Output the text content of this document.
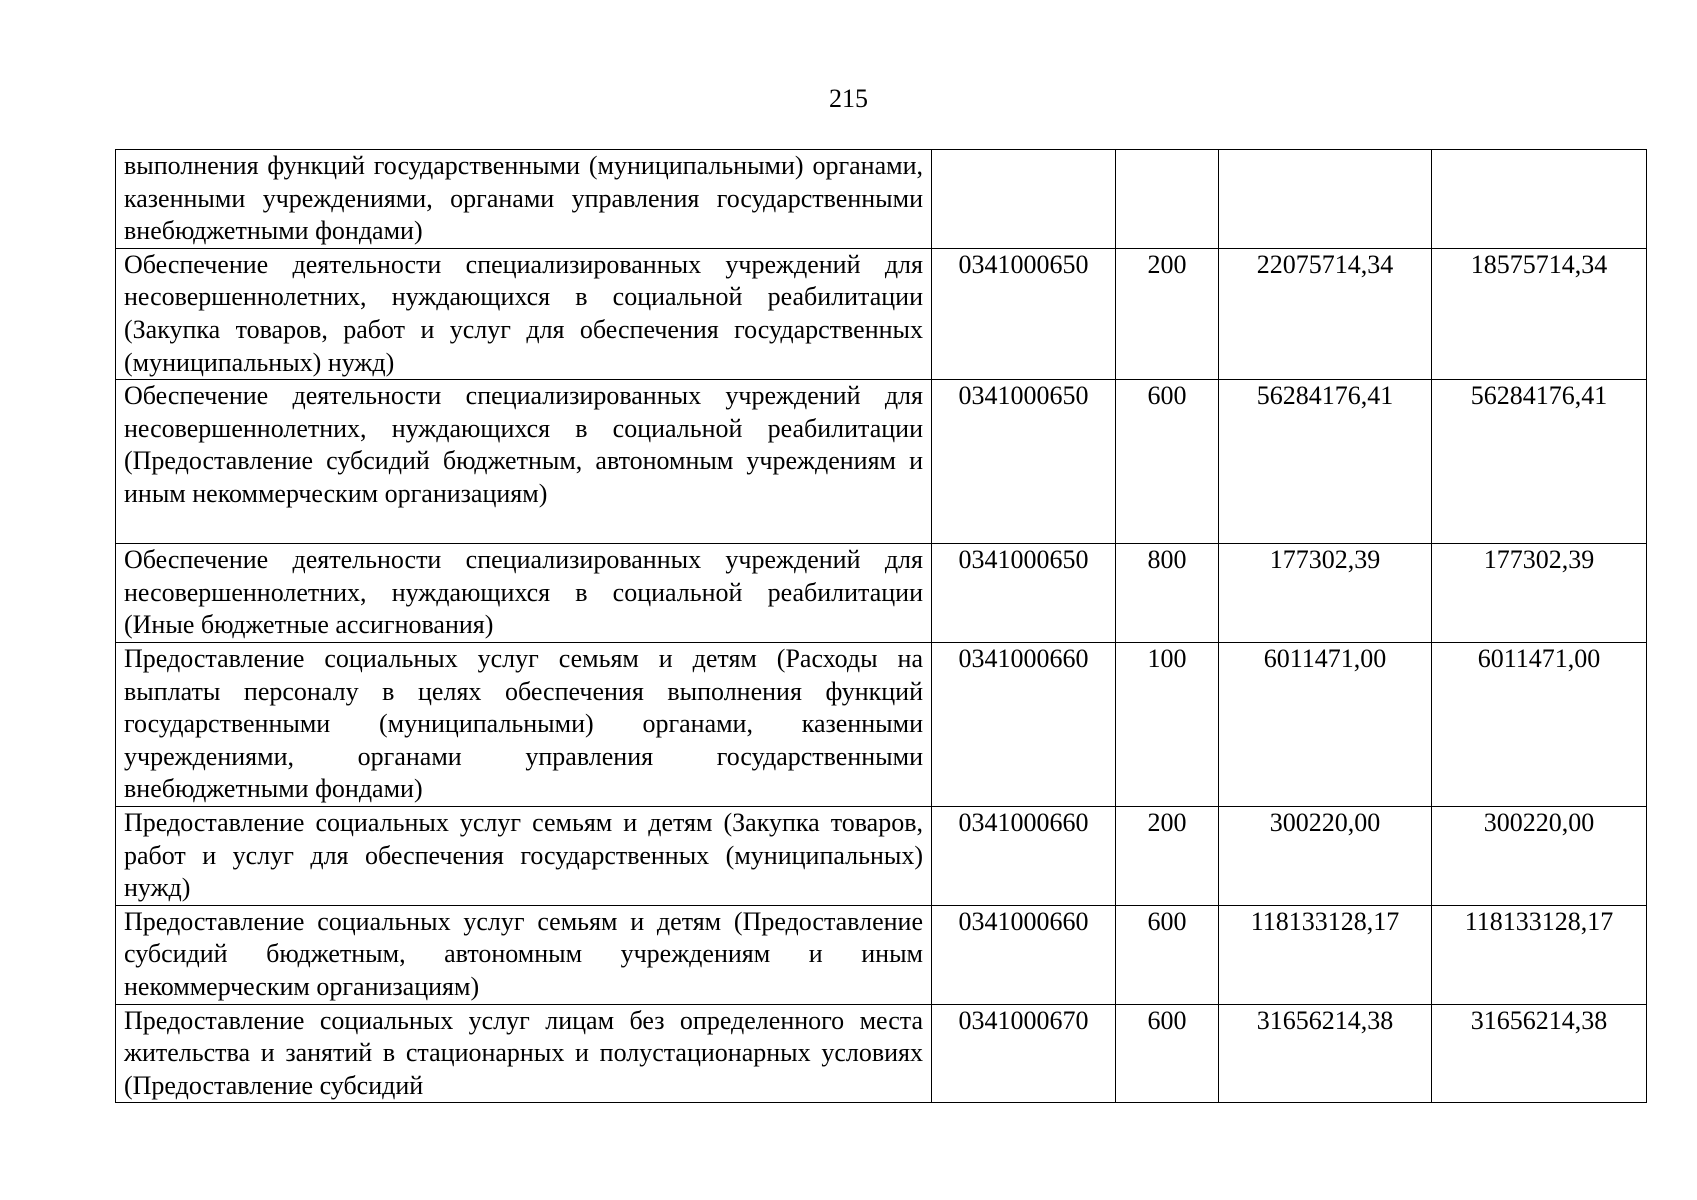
215
выполнения функций государственными (муниципальными) органами, казенными учреждениями, органами управления государственными внебюджетными фондами)				
Обеспечение деятельности специализированных учреждений для несовершеннолетних, нуждающихся в социальной реабилитации (Закупка товаров, работ и услуг для обеспечения государственных (муниципальных) нужд)	0341000650	200	22075714,34	18575714,34
Обеспечение деятельности специализированных учреждений для несовершеннолетних, нуждающихся в социальной реабилитации (Предоставление субсидий бюджетным, автономным учреждениям и иным некоммерческим организациям)	0341000650	600	56284176,41	56284176,41
Обеспечение деятельности специализированных учреждений для несовершеннолетних, нуждающихся в социальной реабилитации (Иные бюджетные ассигнования)	0341000650	800	177302,39	177302,39
Предоставление социальных услуг семьям и детям (Расходы на выплаты персоналу в целях обеспечения выполнения функций государственными (муниципальными) органами, казенными учреждениями, органами управления государственными внебюджетными фондами)	0341000660	100	6011471,00	6011471,00
Предоставление социальных услуг семьям и детям (Закупка товаров, работ и услуг для обеспечения государственных (муниципальных) нужд)	0341000660	200	300220,00	300220,00
Предоставление социальных услуг семьям и детям (Предоставление субсидий бюджетным, автономным учреждениям и иным некоммерческим организациям)	0341000660	600	118133128,17	118133128,17
Предоставление социальных услуг лицам без определенного места жительства и занятий в стационарных и полустационарных условиях (Предоставление субсидий	0341000670	600	31656214,38	31656214,38
